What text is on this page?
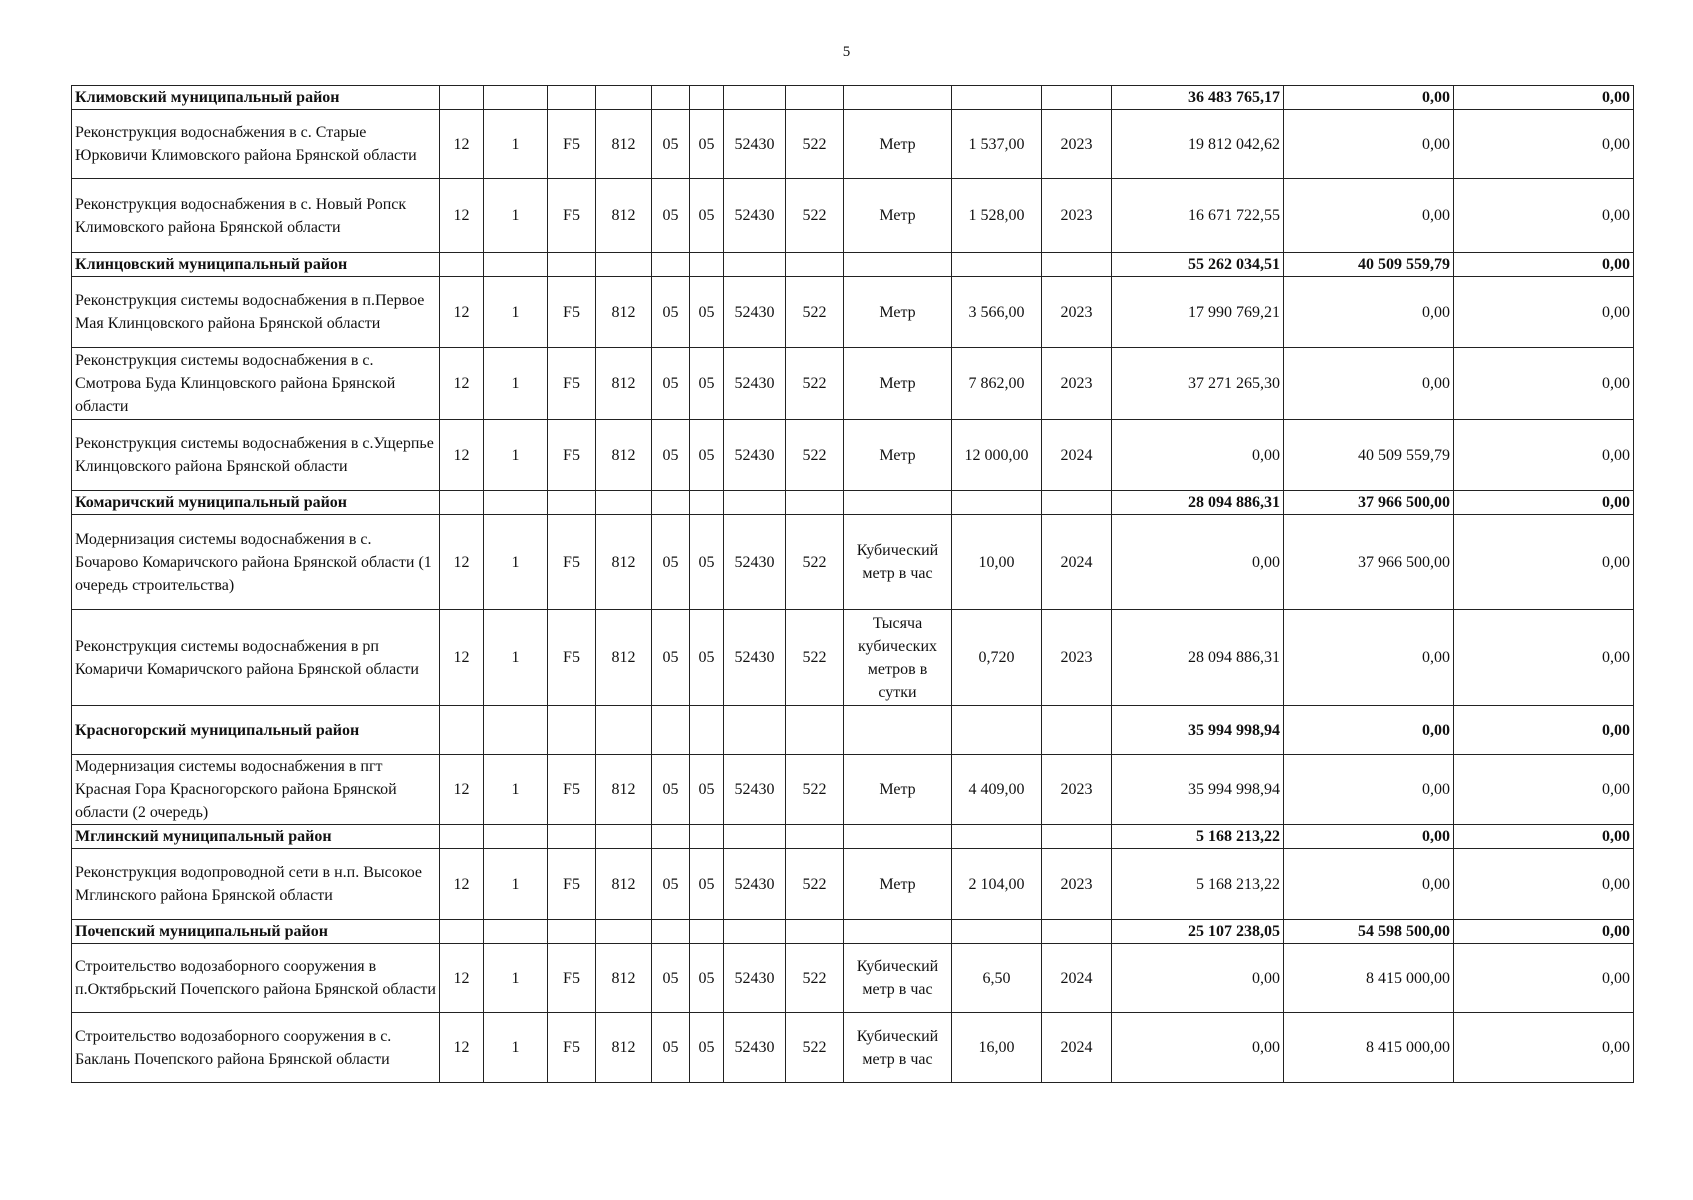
5
Климовский муниципальный район												36 483 765,17	0,00	0,00
Реконструкция водоснабжения в с. Старые Юрковичи Климовского района Брянской области	12	1	F5	812	05	05	52430	522	Метр	1 537,00	2023	19 812 042,62	0,00	0,00
Реконструкция водоснабжения в с. Новый Ропск Климовского района Брянской области	12	1	F5	812	05	05	52430	522	Метр	1 528,00	2023	16 671 722,55	0,00	0,00
Клинцовский муниципальный район												55 262 034,51	40 509 559,79	0,00
Реконструкция системы водоснабжения в п.Первое Мая Клинцовского района Брянской области	12	1	F5	812	05	05	52430	522	Метр	3 566,00	2023	17 990 769,21	0,00	0,00
Реконструкция системы водоснабжения в с. Смотрова Буда Клинцовского района Брянской области	12	1	F5	812	05	05	52430	522	Метр	7 862,00	2023	37 271 265,30	0,00	0,00
Реконструкция системы водоснабжения в с.Ущерпье Клинцовского района Брянской области	12	1	F5	812	05	05	52430	522	Метр	12 000,00	2024	0,00	40 509 559,79	0,00
Комаричский муниципальный район												28 094 886,31	37 966 500,00	0,00
Модернизация системы водоснабжения в с. Бочарово Комаричского района Брянской области (1 очередь строительства)	12	1	F5	812	05	05	52430	522	Кубический метр в час	10,00	2024	0,00	37 966 500,00	0,00
Реконструкция системы водоснабжения в рп Комаричи Комаричского района Брянской области	12	1	F5	812	05	05	52430	522	Тысяча кубических метров в сутки	0,720	2023	28 094 886,31	0,00	0,00
Красногорский муниципальный район												35 994 998,94	0,00	0,00
Модернизация системы водоснабжения в пгт Красная Гора Красногорского района Брянской области (2 очередь)	12	1	F5	812	05	05	52430	522	Метр	4 409,00	2023	35 994 998,94	0,00	0,00
Мглинский муниципальный район												5 168 213,22	0,00	0,00
Реконструкция водопроводной сети в н.п. Высокое Мглинского района Брянской области	12	1	F5	812	05	05	52430	522	Метр	2 104,00	2023	5 168 213,22	0,00	0,00
Почепский муниципальный район												25 107 238,05	54 598 500,00	0,00
Строительство водозаборного сооружения в п.Октябрьский Почепского района Брянской области	12	1	F5	812	05	05	52430	522	Кубический метр в час	6,50	2024	0,00	8 415 000,00	0,00
Строительство водозаборного сооружения в с. Баклань Почепского района Брянской области	12	1	F5	812	05	05	52430	522	Кубический метр в час	16,00	2024	0,00	8 415 000,00	0,00
